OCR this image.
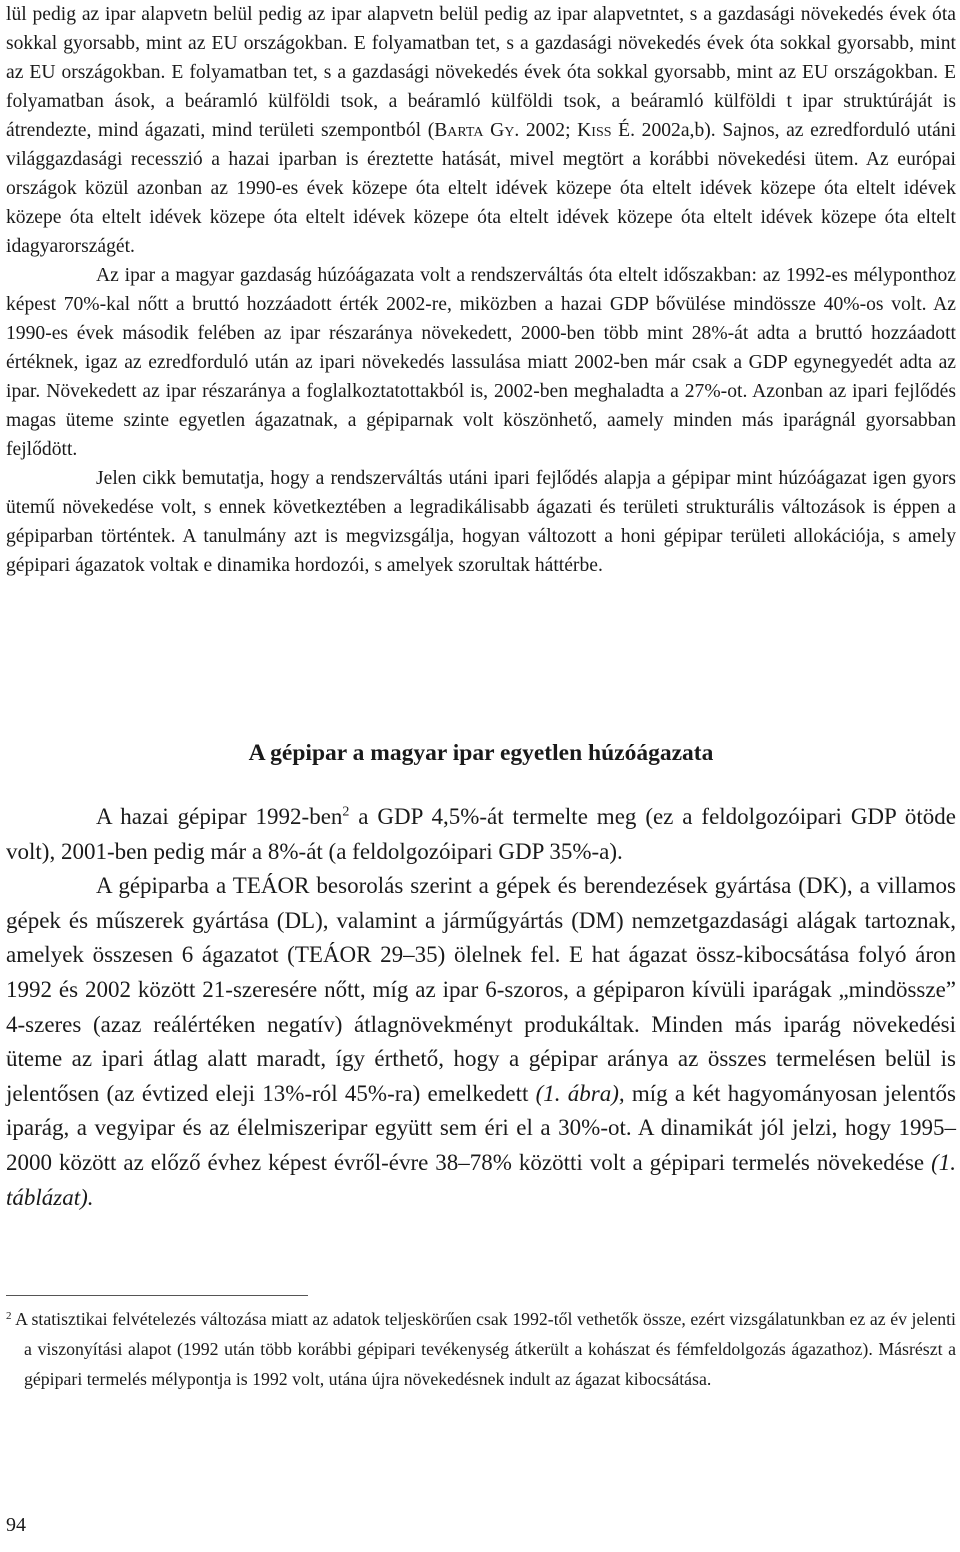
lül pedig az ipar alapvetn belül pedig az ipar alapvetn belül pedig az ipar alapvetntet, s a gazdasági növekedés évek óta sokkal gyorsabb, mint az EU országokban. E folyamatban tet, s a gazdasági növekedés évek óta sokkal gyorsabb, mint az EU országokban. E folyamatban tet, s a gazdasági növekedés évek óta sokkal gyorsabb, mint az EU országokban. E folyamatban ások, a beáramló külföldi tsok, a beáramló külföldi tsok, a beáramló külföldi t ipar struktúráját is átrendezte, mind ágazati, mind területi szempontból (Barta Gy. 2002; Kiss É. 2002a,b). Sajnos, az ezredforduló utáni világgazdasági recesszió a hazai iparban is éreztette hatását, mivel megtört a korábbi növekedési ütem. Az európai országok közül azonban az 1990-es évek közepe óta eltelt idévek közepe óta eltelt idévek közepe óta eltelt idévek közepe óta eltelt idévek közepe óta eltelt idévek közepe óta eltelt idévek közepe óta eltelt idévek közepe óta eltelt idagyarországét.

Az ipar a magyar gazdaság húzóágazata volt a rendszerváltás óta eltelt időszakban: az 1992-es mélyponthoz képest 70%-kal nőtt a bruttó hozzáadott érték 2002-re, miközben a hazai GDP bővülése mindössze 40%-os volt. Az 1990-es évek második felében az ipar részaránya növekedett, 2000-ben több mint 28%-át adta a bruttó hozzáadott értéknek, igaz az ezredforduló után az ipari növekedés lassulása miatt 2002-ben már csak a GDP egynegyedét adta az ipar. Növekedett az ipar részaránya a foglalkoztatottakból is, 2002-ben meghaladta a 27%-ot. Azonban az ipari fejlődés magas üteme szinte egyetlen ágazatnak, a gépiparnak volt köszönhető, aamely minden más iparágnál gyorsabban fejlődött.

Jelen cikk bemutatja, hogy a rendszerváltás utáni ipari fejlődés alapja a gépipar mint húzóágazat igen gyors ütemű növekedése volt, s ennek következtében a legradikálisabb ágazati és területi strukturális változások is éppen a gépiparban történtek. A tanulmány azt is megvizsgálja, hogyan változott a honi gépipar területi allokációja, s amely gépipari ágazatok voltak e dinamika hordozói, s amelyek szorultak háttérbe.

A gépipar a magyar ipar egyetlen húzóágazata

A hazai gépipar 1992-ben$^2$ a GDP 4,5%-át termelte meg (ez a feldolgozóipari GDP ötöde volt), 2001-ben pedig már a 8%-át (a feldolgozóipari GDP 35%-a).

A gépiparba a TEÁOR besorolás szerint a gépek és berendezések gyártása (DK), a villamos gépek és műszerek gyártása (DL), valamint a járműgyártás (DM) nemzetgazdasági alágak tartoznak, amelyek összesen 6 ágazatot (TEÁOR 29–35) ölelnek fel. E hat ágazat össz-kibocsátása folyó áron 1992 és 2002 között 21-szeresére nőtt, míg az ipar 6-szoros, a gépiparon kívüli iparágak „mindössze” 4-szeres (azaz reálértéken negatív) átlagnövekményt produkáltak. Minden más iparág növekedési üteme az ipari átlag alatt maradt, így érthető, hogy a gépipar aránya az összes termelésen belül is jelentősen (az évtized eleji 13%-ról 45%-ra) emelkedett (1. ábra), míg a két hagyományosan jelentős iparág, a vegyipar és az élelmiszeripar együtt sem éri el a 30%-ot. A dinamikát jól jelzi, hogy 1995–2000 között az előző évhez képest évről-évre 38–78% közötti volt a gépipari termelés növekedése (1. táblázat).

$^2$ A statisztikai felvételezés változása miatt az adatok teljeskörűen csak 1992-től vethetők össze, ezért vizsgálatunkban ez az év jelenti a viszonyítási alapot (1992 után több korábbi gépipari tevékenység átkerült a kohászat és fémfeldolgozás ágazathoz). Másrészt a gépipari termelés mélypontja is 1992 volt, utána újra növekedésnek indult az ágazat kibocsátása.
94
